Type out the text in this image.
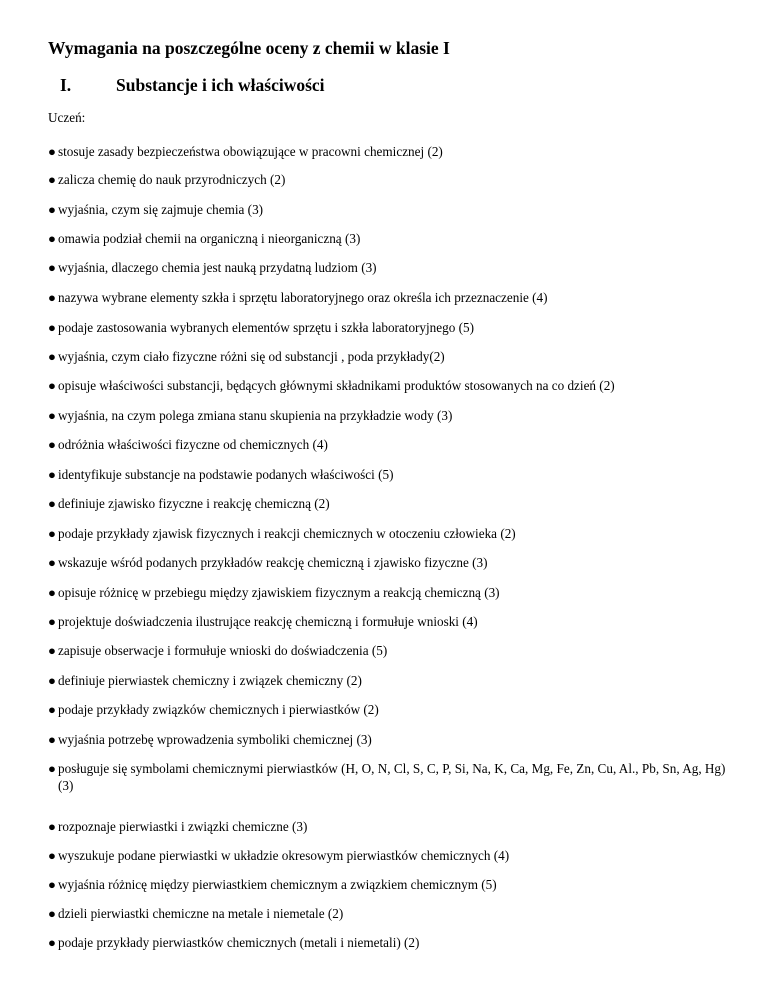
Wymagania na poszczególne oceny z chemii w klasie I
I.	Substancje i ich właściwości
Uczeń:
● stosuje zasady bezpieczeństwa obowiązujące w pracowni chemicznej (2)
● zalicza chemię do nauk przyrodniczych (2)
● wyjaśnia, czym się zajmuje chemia (3)
● omawia podział chemii na organiczną i nieorganiczną (3)
● wyjaśnia, dlaczego chemia jest nauką przydatną ludziom (3)
● nazywa wybrane elementy szkła i sprzętu laboratoryjnego oraz określa ich przeznaczenie (4)
● podaje zastosowania wybranych elementów sprzętu i szkła laboratoryjnego (5)
● wyjaśnia, czym ciało fizyczne różni się od substancji , poda przykłady(2)
● opisuje właściwości substancji, będących głównymi składnikami produktów stosowanych na co dzień (2)
● wyjaśnia, na czym polega zmiana stanu skupienia na przykładzie wody (3)
● odróżnia właściwości fizyczne od chemicznych (4)
● identyfikuje substancje na podstawie podanych właściwości (5)
● definiuje zjawisko fizyczne i reakcję chemiczną (2)
● podaje przykłady zjawisk fizycznych i reakcji chemicznych w otoczeniu człowieka (2)
● wskazuje wśród podanych przykładów reakcję chemiczną i zjawisko fizyczne (3)
● opisuje różnicę w przebiegu między zjawiskiem fizycznym a reakcją chemiczną (3)
● projektuje doświadczenia ilustrujące reakcję chemiczną i formułuje wnioski (4)
● zapisuje obserwacje i formułuje wnioski do doświadczenia (5)
● definiuje pierwiastek chemiczny i związek chemiczny (2)
● podaje przykłady związków chemicznych i pierwiastków (2)
● wyjaśnia potrzebę wprowadzenia symboliki chemicznej (3)
● posługuje się symbolami chemicznymi pierwiastków (H, O, N, Cl, S, C, P, Si, Na, K, Ca, Mg, Fe, Zn, Cu, Al., Pb, Sn, Ag, Hg) (3)
● rozpoznaje pierwiastki i związki chemiczne (3)
● wyszukuje podane pierwiastki w układzie okresowym pierwiastków chemicznych (4)
● wyjaśnia różnicę między pierwiastkiem chemicznym a związkiem chemicznym (5)
● dzieli pierwiastki chemiczne na metale i niemetale (2)
● podaje przykłady pierwiastków chemicznych (metali i niemetali) (2)
